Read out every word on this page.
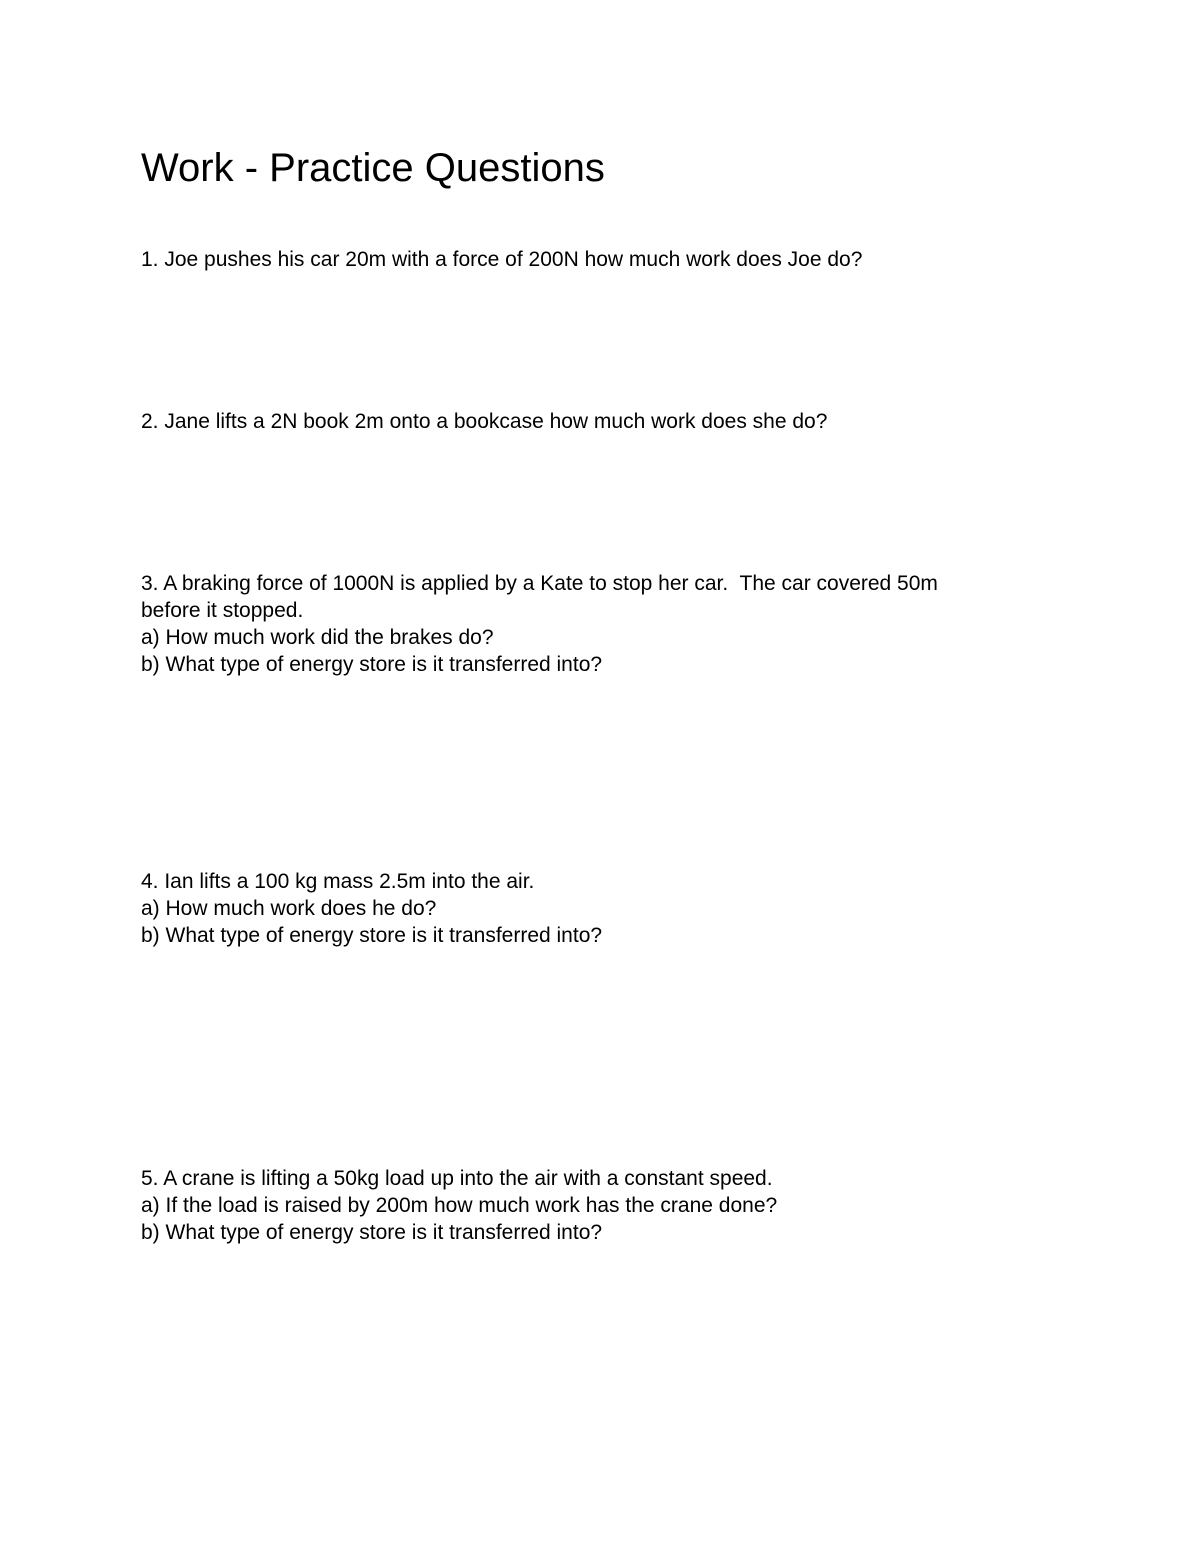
Work - Practice Questions
1. Joe pushes his car 20m with a force of 200N how much work does Joe do?
2. Jane lifts a 2N book 2m onto a bookcase how much work does she do?
3. A braking force of 1000N is applied by a Kate to stop her car.  The car covered 50m
before it stopped.
a) How much work did the brakes do?
b) What type of energy store is it transferred into?
4. Ian lifts a 100 kg mass 2.5m into the air.
a) How much work does he do?
b) What type of energy store is it transferred into?
5. A crane is lifting a 50kg load up into the air with a constant speed.
a) If the load is raised by 200m how much work has the crane done?
b) What type of energy store is it transferred into?
